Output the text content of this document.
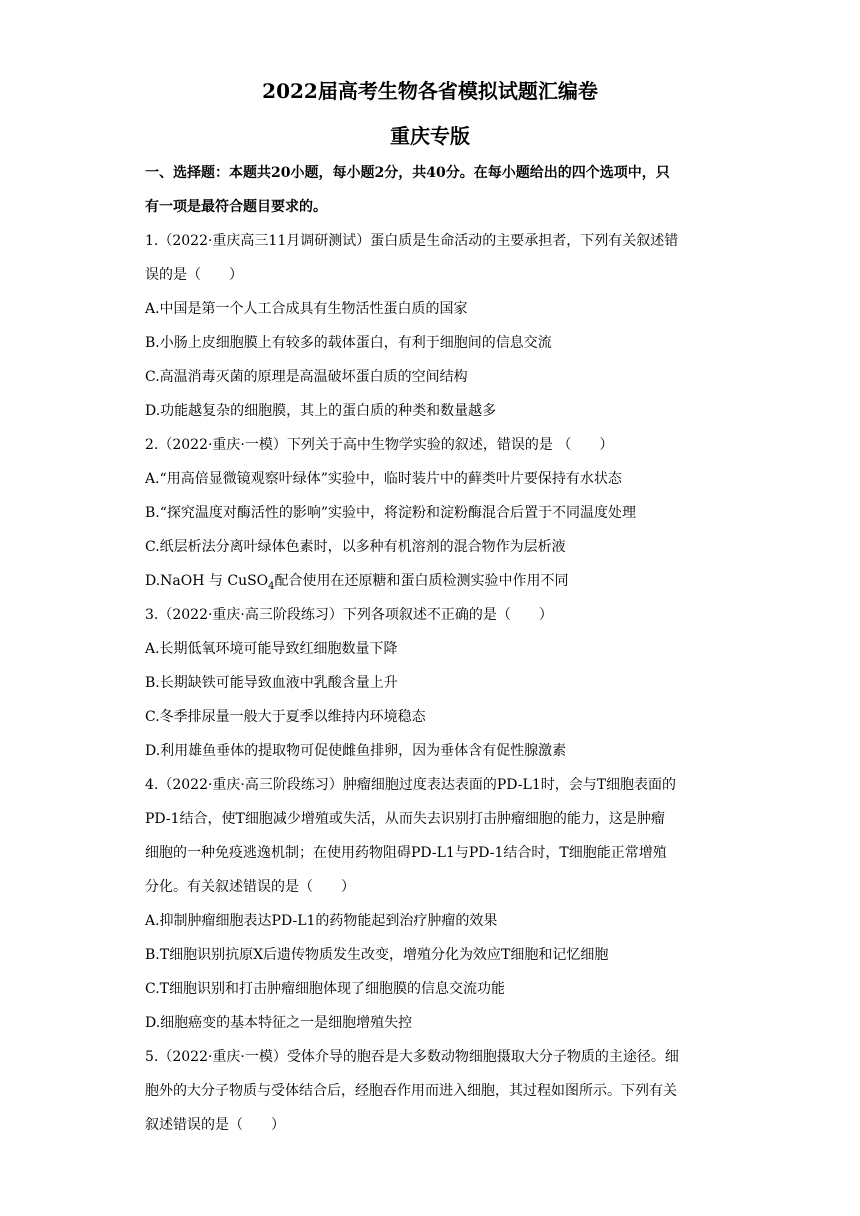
2022届高考生物各省模拟试题汇编卷
重庆专版
一、选择题：本题共20小题，每小题2分，共40分。在每小题给出的四个选项中，只
有一项是最符合题目要求的。
1.（2022·重庆高三11月调研测试）蛋白质是生命活动的主要承担者，下列有关叙述错
误的是（　　）
A.中国是第一个人工合成具有生物活性蛋白质的国家
B.小肠上皮细胞膜上有较多的载体蛋白，有利于细胞间的信息交流
C.高温消毒灭菌的原理是高温破坏蛋白质的空间结构
D.功能越复杂的细胞膜，其上的蛋白质的种类和数量越多
2.（2022·重庆·一模）下列关于高中生物学实验的叙述，错误的是 （　　）
A.“用高倍显微镜观察叶绿体”实验中，临时装片中的藓类叶片要保持有水状态
B.“探究温度对酶活性的影响”实验中，将淀粉和淀粉酶混合后置于不同温度处理
C.纸层析法分离叶绿体色素时，以多种有机溶剂的混合物作为层析液
D.NaOH 与 CuSO$_4$配合使用在还原糖和蛋白质检测实验中作用不同
3.（2022·重庆·高三阶段练习）下列各项叙述不正确的是（　　）
A.长期低氧环境可能导致红细胞数量下降
B.长期缺铁可能导致血液中乳酸含量上升
C.冬季排尿量一般大于夏季以维持内环境稳态
D.利用雄鱼垂体的提取物可促使雌鱼排卵，因为垂体含有促性腺激素
4.（2022·重庆·高三阶段练习）肿瘤细胞过度表达表面的PD-L1时，会与T细胞表面的
PD-1结合，使T细胞减少增殖或失活，从而失去识别打击肿瘤细胞的能力，这是肿瘤
细胞的一种免疫逃逸机制；在使用药物阻碍PD-L1与PD-1结合时，T细胞能正常增殖
分化。有关叙述错误的是（　　）
A.抑制肿瘤细胞表达PD-L1的药物能起到治疗肿瘤的效果
B.T细胞识别抗原X后遗传物质发生改变，增殖分化为效应T细胞和记忆细胞
C.T细胞识别和打击肿瘤细胞体现了细胞膜的信息交流功能
D.细胞癌变的基本特征之一是细胞增殖失控
5.（2022·重庆·一模）受体介导的胞吞是大多数动物细胞摄取大分子物质的主途径。细
胞外的大分子物质与受体结合后，经胞吞作用而进入细胞，其过程如图所示。下列有关
叙述错误的是（　　）
